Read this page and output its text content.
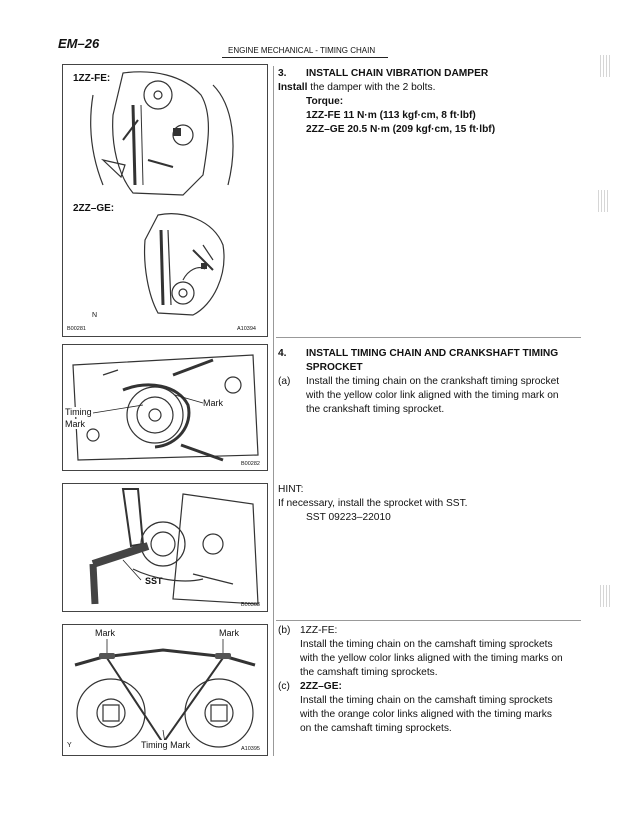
EM–26	ENGINE MECHANICAL - TIMING CHAIN
1ZZ-FE:
2ZZ–GE:
N
B00281	A10394
Mark
Timing
Mark
B00282
SST
B00303
Mark	Mark
Timing Mark
Y	A10395
3. INSTALL CHAIN VIBRATION DAMPER
Install the damper with the 2 bolts.
Torque:
1ZZ-FE 11 N·m (113 kgf·cm, 8 ft·lbf)
2ZZ–GE 20.5 N·m (209 kgf·cm, 15 ft·lbf)
4. INSTALL TIMING CHAIN AND CRANKSHAFT TIMING
SPROCKET
(a) Install the timing chain on the crankshaft timing sprocket
with the yellow color link aligned with the timing mark on
the crankshaft timing sprocket.
HINT:
If necessary, install the sprocket with SST.
SST 09223–22010
(b) 1ZZ-FE:
Install the timing chain on the camshaft timing sprockets
with the yellow color links aligned with the timing marks on
the camshaft timing sprockets.
(c) 2ZZ–GE:
Install the timing chain on the camshaft timing sprockets
with the orange color links aligned with the timing marks
on the camshaft timing sprockets.
